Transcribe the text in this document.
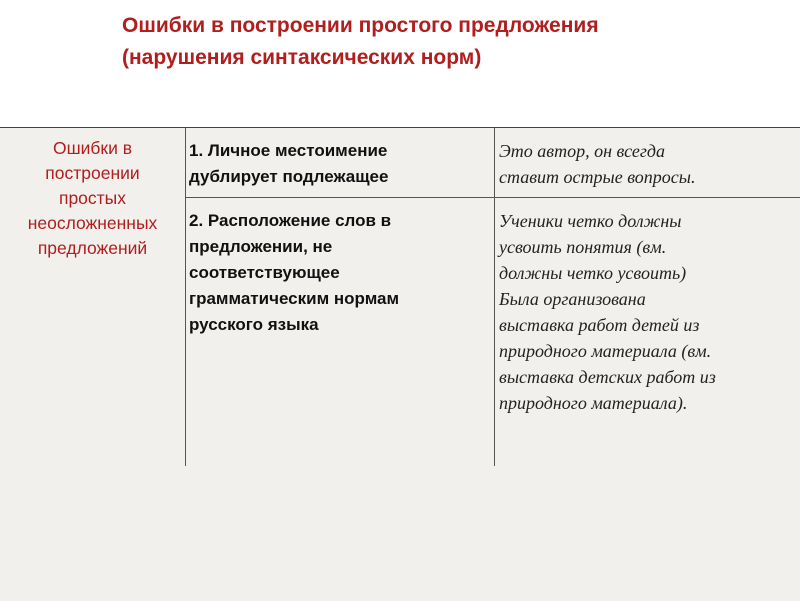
Ошибки в построении простого предложения
(нарушения синтаксических норм)
Ошибки в
построении
простых
неосложненных
предложений
1. Личное местоимение
дублирует подлежащее
Это автор, он всегда
ставит острые вопросы.
2. Расположение слов в
предложении, не
соответствующее
грамматическим нормам
русского языка
Ученики четко должны
усвоить понятия (вм.
должны четко усвоить)
Была организована
выставка работ детей из
природного материала (вм.
выставка детских работ из
природного материала).
